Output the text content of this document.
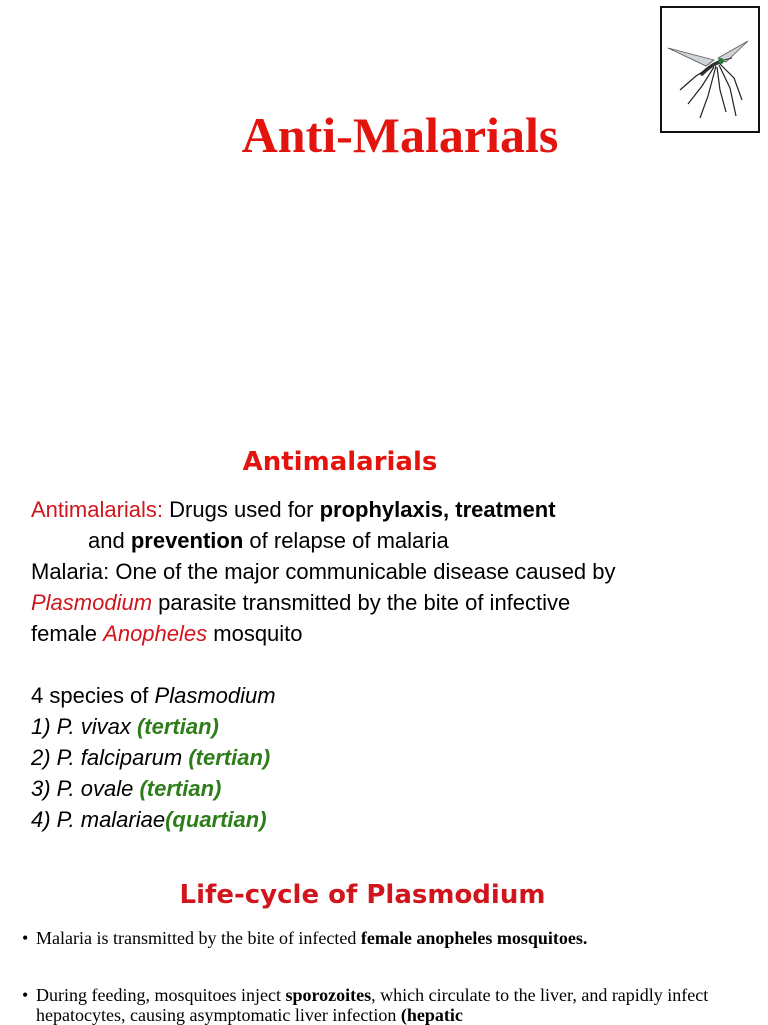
Anti-Malarials
Antimalarials
Antimalarials: Drugs used for prophylaxis, treatment
and prevention of relapse of malaria
Malaria: One of the major communicable disease caused by
Plasmodium parasite transmitted by the bite of infective
female Anopheles mosquito
4 species of Plasmodium
1) P. vivax (tertian)
2) P. falciparum (tertian)
3) P. ovale (tertian)
4) P. malariae(quartian)
Life-cycle of Plasmodium
• Malaria is transmitted by the bite of infected female anopheles mosquitoes.
• During feeding, mosquitoes inject sporozoites, which circulate to the liver, and rapidly infect hepatocytes, causing asymptomatic liver infection (hepatic
